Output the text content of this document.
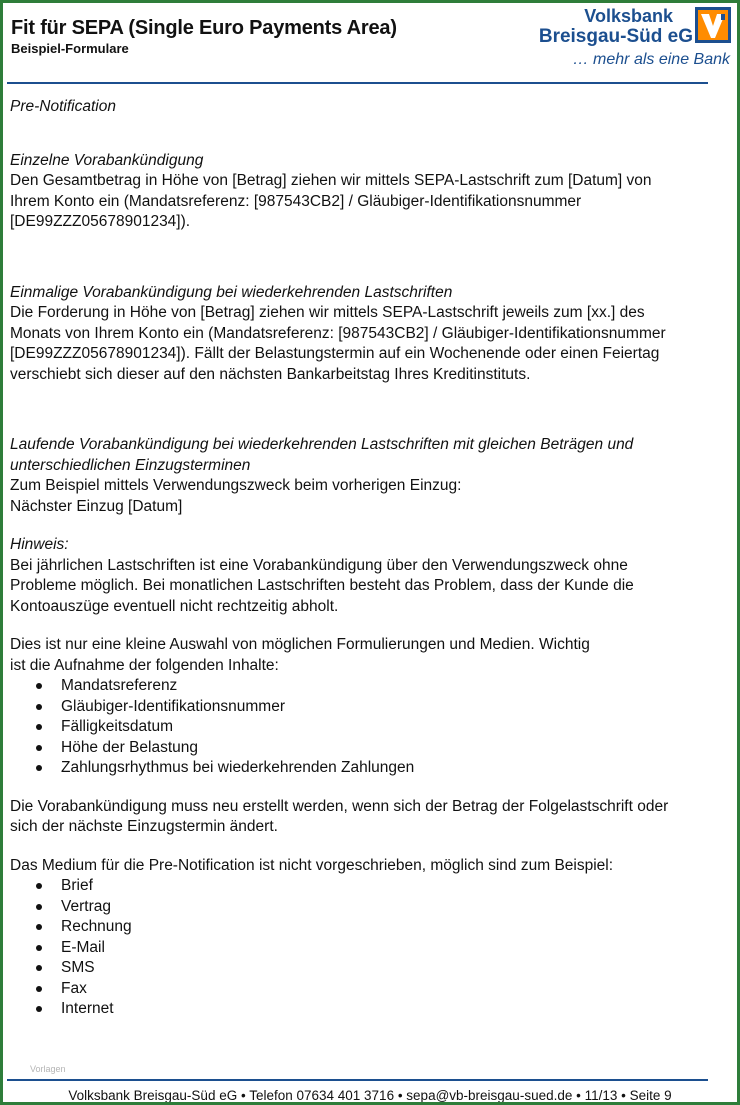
Fit für SEPA (Single Euro Payments Area)
Beispiel-Formulare
Volksbank
Breisgau-Süd eG
… mehr als eine Bank

Pre-Notification

Einzelne Vorabankündigung

Den Gesamtbetrag in Höhe von [Betrag] ziehen wir mittels SEPA-Lastschrift zum [Datum] von

Ihrem Konto ein (Mandatsreferenz: [987543CB2] / Gläubiger-Identifikationsnummer

[DE99ZZZ05678901234]).

Einmalige Vorabankündigung bei wiederkehrenden Lastschriften

Die Forderung in Höhe von [Betrag] ziehen wir mittels SEPA-Lastschrift jeweils zum [xx.] des

Monats von Ihrem Konto ein (Mandatsreferenz: [987543CB2] / Gläubiger-Identifikationsnummer

[DE99ZZZ05678901234]). Fällt der Belastungstermin auf ein Wochenende oder einen Feiertag

verschiebt sich dieser auf den nächsten Bankarbeitstag Ihres Kreditinstituts.

Laufende Vorabankündigung bei wiederkehrenden Lastschriften mit gleichen Beträgen und

unterschiedlichen Einzugsterminen

Zum Beispiel mittels Verwendungszweck beim vorherigen Einzug:

Nächster Einzug [Datum]

Hinweis:

Bei jährlichen Lastschriften ist eine Vorabankündigung über den Verwendungszweck ohne

Probleme möglich. Bei monatlichen Lastschriften besteht das Problem, dass der Kunde die

Kontoauszüge eventuell nicht rechtzeitig abholt.

Dies ist nur eine kleine Auswahl von möglichen Formulierungen und Medien. Wichtig

ist die Aufnahme der folgenden Inhalte:

Mandatsreferenz
Gläubiger-Identifikationsnummer
Fälligkeitsdatum
Höhe der Belastung
Zahlungsrhythmus bei wiederkehrenden Zahlungen

Die Vorabankündigung muss neu erstellt werden, wenn sich der Betrag der Folgelastschrift oder

sich der nächste Einzugstermin ändert.

Das Medium für die Pre-Notification ist nicht vorgeschrieben, möglich sind zum Beispiel:

Brief
Vertrag
Rechnung
E-Mail
SMS
Fax
Internet
Vorlagen
Volksbank Breisgau-Süd eG • Telefon 07634 401 3716 • sepa@vb-breisgau-sued.de • 11/13 • Seite 9
